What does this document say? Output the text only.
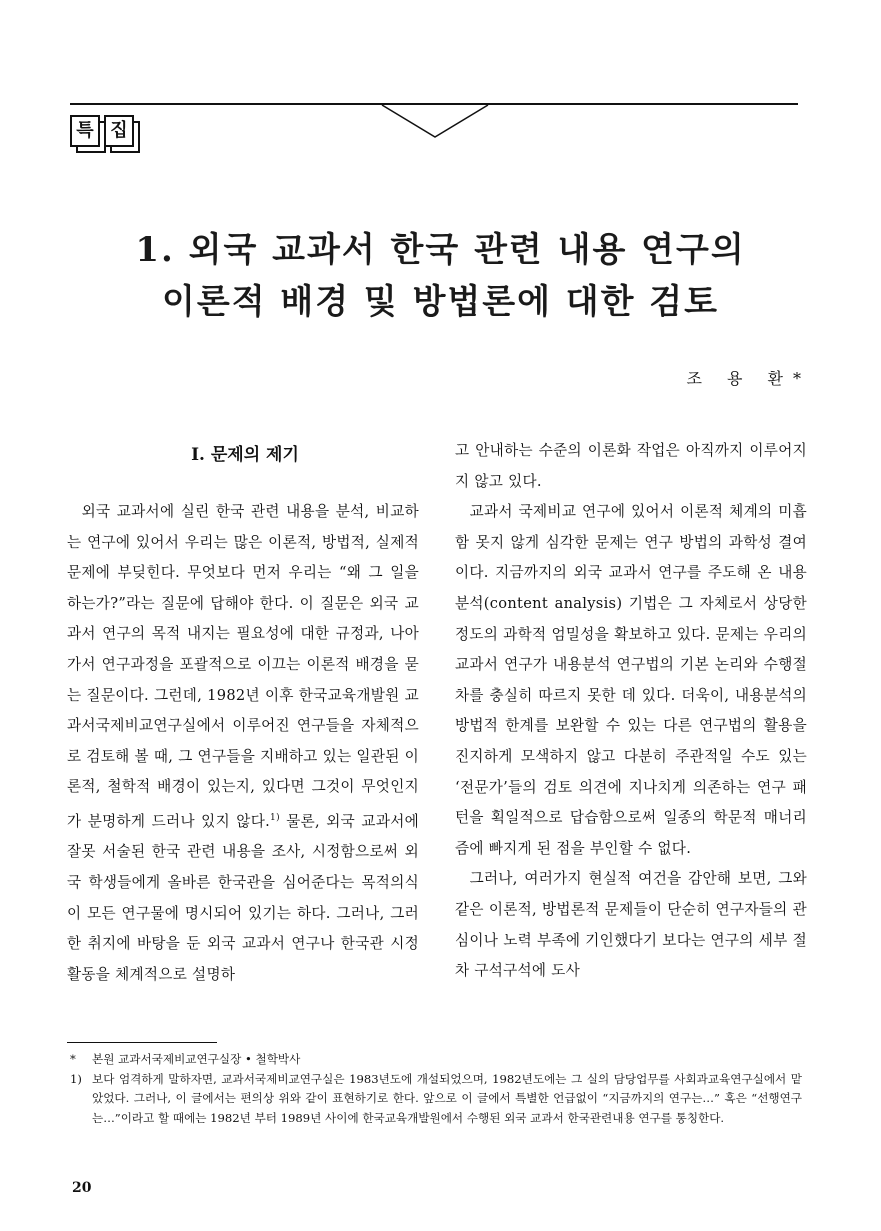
특 집
1. 외국 교과서 한국 관련 내용 연구의
이론적 배경 및 방법론에 대한 검토
조 용 환*
I. 문제의 제기

외국 교과서에 실린 한국 관련 내용을 분석, 비교하는 연구에 있어서 우리는 많은 이론적, 방법적, 실제적 문제에 부딪힌다. 무엇보다 먼저 우리는 “왜 그 일을 하는가?”라는 질문에 답해야 한다. 이 질문은 외국 교과서 연구의 목적 내지는 필요성에 대한 규정과, 나아가서 연구과정을 포괄적으로 이끄는 이론적 배경을 묻는 질문이다. 그런데, 1982년 이후 한국교육개발원 교과서국제비교연구실에서 이루어진 연구들을 자체적으로 검토해 볼 때, 그 연구들을 지배하고 있는 일관된 이론적, 철학적 배경이 있는지, 있다면 그것이 무엇인지가 분명하게 드러나 있지 않다.$^{1)}$ 물론, 외국 교과서에 잘못 서술된 한국 관련 내용을 조사, 시정함으로써 외국 학생들에게 올바른 한국관을 심어준다는 목적의식이 모든 연구물에 명시되어 있기는 하다. 그러나, 그러한 취지에 바탕을 둔 외국 교과서 연구나 한국관 시정 활동을 체계적으로 설명하

고 안내하는 수준의 이론화 작업은 아직까지 이루어지지 않고 있다.

교과서 국제비교 연구에 있어서 이론적 체계의 미흡함 못지 않게 심각한 문제는 연구 방법의 과학성 결여이다. 지금까지의 외국 교과서 연구를 주도해 온 내용 분석(content analysis) 기법은 그 자체로서 상당한 정도의 과학적 엄밀성을 확보하고 있다. 문제는 우리의 교과서 연구가 내용분석 연구법의 기본 논리와 수행절차를 충실히 따르지 못한 데 있다. 더욱이, 내용분석의 방법적 한계를 보완할 수 있는 다른 연구법의 활용을 진지하게 모색하지 않고 다분히 주관적일 수도 있는 ‘전문가’들의 검토 의견에 지나치게 의존하는 연구 패턴을 획일적으로 답습함으로써 일종의 학문적 매너리즘에 빠지게 된 점을 부인할 수 없다.

그러나, 여러가지 현실적 여건을 감안해 보면, 그와 같은 이론적, 방법론적 문제들이 단순히 연구자들의 관심이나 노력 부족에 기인했다기 보다는 연구의 세부 절차 구석구석에 도사

*	본원 교과서국제비교연구실장 • 철학박사
1) 보다 엄격하게 말하자면, 교과서국제비교연구실은 1983년도에 개설되었으며, 1982년도에는 그 실의 담당업무를 사회과교육연구실에서 맡았었다. 그러나, 이 글에서는 편의상 위와 같이 표현하기로 한다. 앞으로 이 글에서 특별한 언급없이 “지금까지의 연구는…” 혹은 “선행연구는…”이라고 할 때에는 1982년 부터 1989년 사이에 한국교육개발원에서 수행된 외국 교과서 한국관련내용 연구를 통칭한다.
20
